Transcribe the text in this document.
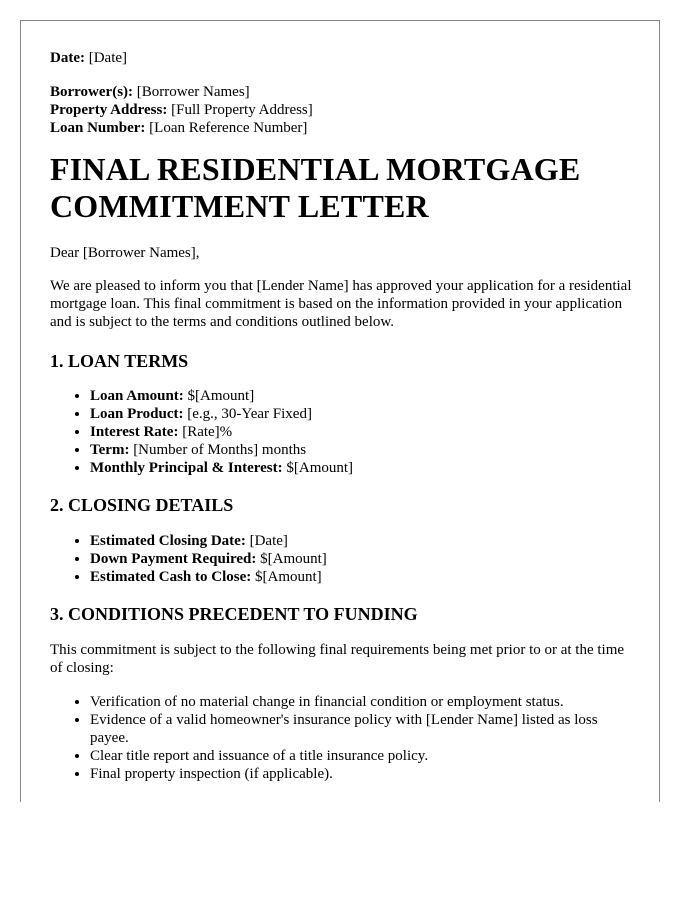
Date: [Date]

Borrower(s): [Borrower Names]

Property Address: [Full Property Address]

Loan Number: [Loan Reference Number]

FINAL RESIDENTIAL MORTGAGE COMMITMENT LETTER

Dear [Borrower Names],

We are pleased to inform you that [Lender Name] has approved your application for a residential mortgage loan. This final commitment is based on the information provided in your application and is subject to the terms and conditions outlined below.

1. LOAN TERMS
• Loan Amount: $[Amount]
• Loan Product: [e.g., 30-Year Fixed]
• Interest Rate: [Rate]%
• Term: [Number of Months] months
• Monthly Principal & Interest: $[Amount]
2. CLOSING DETAILS
• Estimated Closing Date: [Date]
• Down Payment Required: $[Amount]
• Estimated Cash to Close: $[Amount]
3. CONDITIONS PRECEDENT TO FUNDING

This commitment is subject to the following final requirements being met prior to or at the time of closing:

• Verification of no material change in financial condition or employment status.
• Evidence of a valid homeowner's insurance policy with [Lender Name] listed as loss payee.
• Clear title report and issuance of a title insurance policy.
• Final property inspection (if applicable).
